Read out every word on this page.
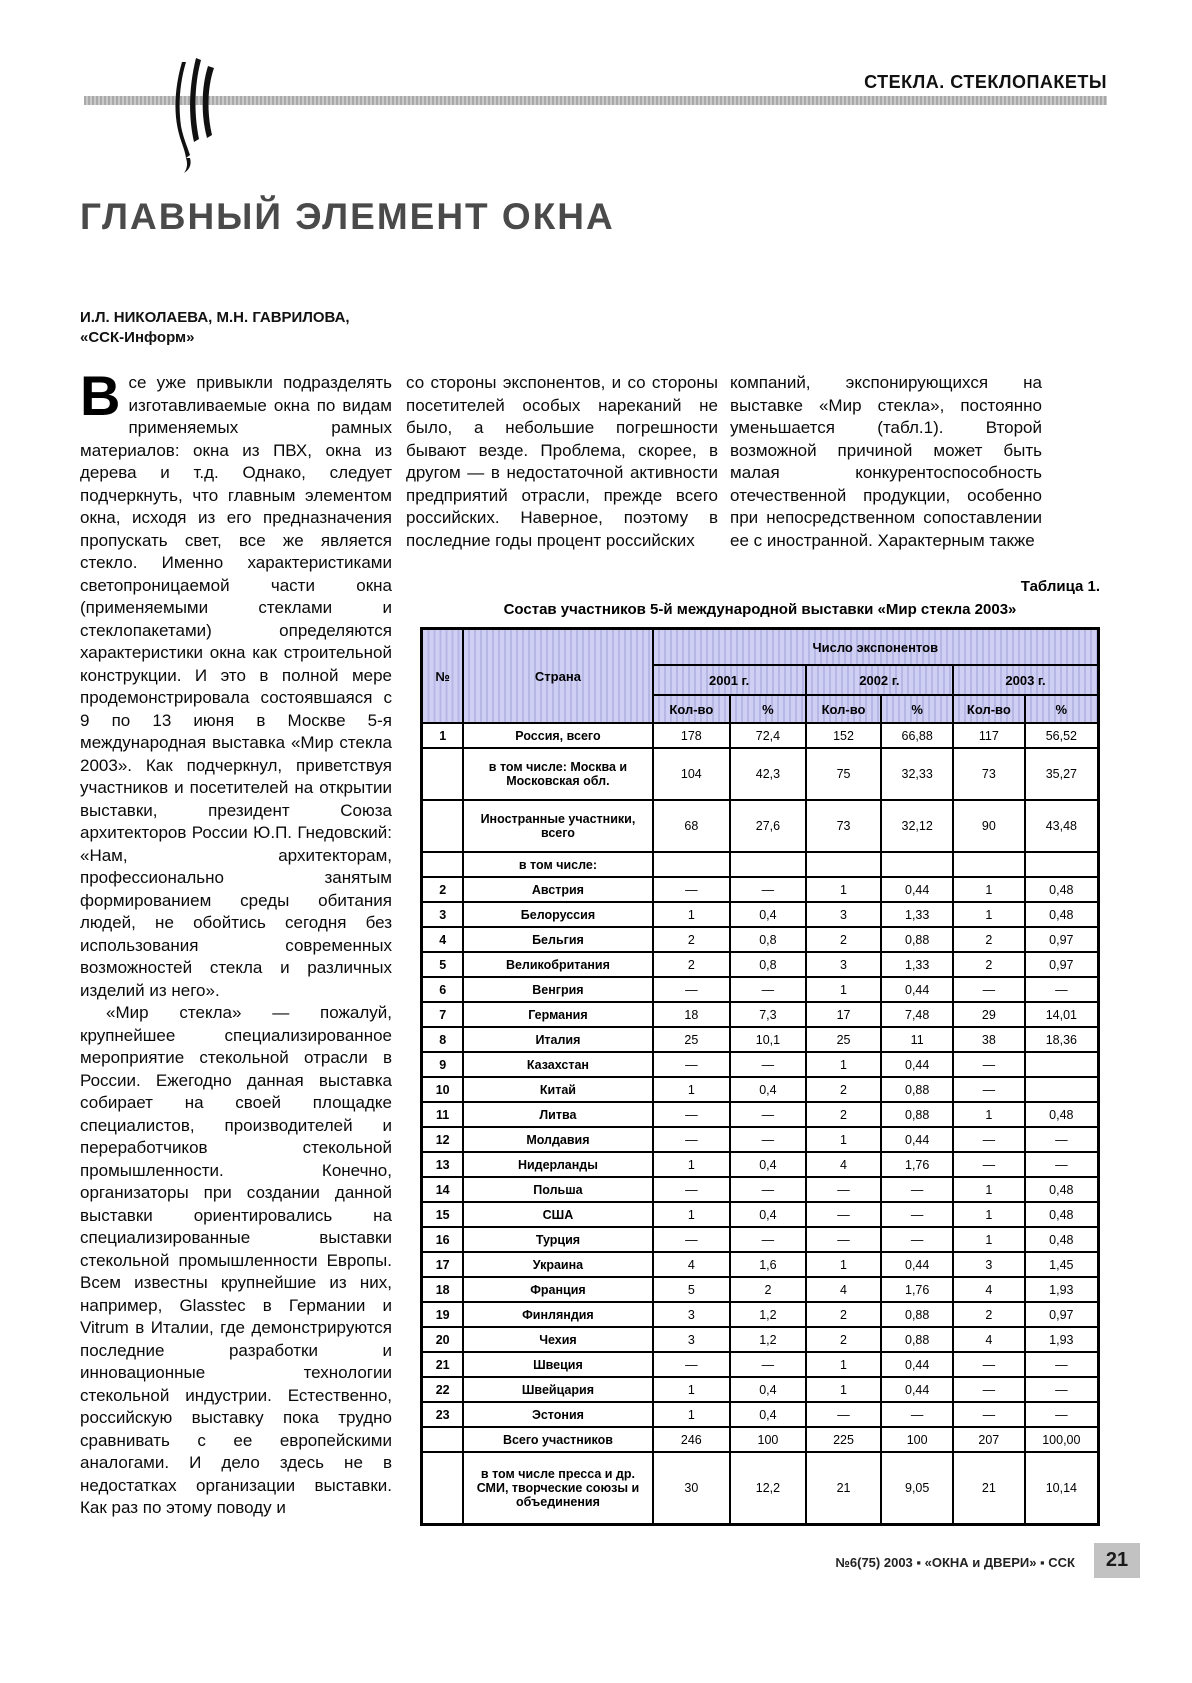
СТЕКЛА. СТЕКЛОПАКЕТЫ
ГЛАВНЫЙ ЭЛЕМЕНТ ОКНА
И.Л. НИКОЛАЕВА, М.Н. ГАВРИЛОВА,
«ССК-Информ»

Все уже привыкли подразделять изготавливаемые окна по видам применяемых рамных материалов: окна из ПВХ, окна из дерева и т.д. Однако, следует подчеркнуть, что главным элементом окна, исходя из его предназначения пропускать свет, все же является стекло. Именно характеристиками светопроницаемой части окна (применяемыми стеклами и стеклопакетами) определяются характеристики окна как строительной конструкции. И это в полной мере продемонстрировала состоявшаяся с 9 по 13 июня в Москве 5-я международная выставка «Мир стекла 2003». Как подчеркнул, приветствуя участников и посетителей на открытии выставки, президент Союза архитекторов России Ю.П. Гнедовский: «Нам, архитекторам, профессионально занятым формированием среды обитания людей, не обойтись сегодня без использования современных возможностей стекла и различных изделий из него».

«Мир стекла» — пожалуй, крупнейшее специализированное мероприятие стекольной отрасли в России. Ежегодно данная выставка собирает на своей площадке специалистов, производителей и переработчиков стекольной промышленности. Конечно, организаторы при создании данной выставки ориентировались на специализированные выставки стекольной промышленности Европы. Всем известны крупнейшие из них, например, Glasstec в Германии и Vitrum в Италии, где демонстрируются последние разработки и инновационные технологии стекольной индустрии. Естественно, российскую выставку пока трудно сравнивать с ее европейскими аналогами. И дело здесь не в недостатках организации выставки. Как раз по этому поводу и

со стороны экспонентов, и со стороны посетителей особых нареканий не было, а небольшие погрешности бывают везде. Проблема, скорее, в другом — в недостаточной активности предприятий отрасли, прежде всего российских. Наверное, поэтому в последние годы процент российских

компаний, экспонирующихся на выставке «Мир стекла», постоянно уменьшается (табл.1). Второй возможной причиной может быть малая конкурентоспособность отечественной продукции, особенно при непосредственном сопоставлении ее с иностранной. Характерным также

Таблица 1.
Состав участников 5-й международной выставки «Мир стекла 2003»
№	Страна	Число экспонентов					
		2001 г.		2002 г.		2003 г.	
		Кол-во	%	Кол-во	%	Кол-во	%
1	Россия, всего	178	72,4	152	66,88	117	56,52
	в том числе: Москва и Московская обл.	104	42,3	75	32,33	73	35,27
	Иностранные участники, всего	68	27,6	73	32,12	90	43,48
	в том числе:						
2	Австрия	—	—	1	0,44	1	0,48
3	Белоруссия	1	0,4	3	1,33	1	0,48
4	Бельгия	2	0,8	2	0,88	2	0,97
5	Великобритания	2	0,8	3	1,33	2	0,97
6	Венгрия	—	—	1	0,44	—	—
7	Германия	18	7,3	17	7,48	29	14,01
8	Италия	25	10,1	25	11	38	18,36
9	Казахстан	—	—	1	0,44	—	
10	Китай	1	0,4	2	0,88	—	
11	Литва	—	—	2	0,88	1	0,48
12	Молдавия	—	—	1	0,44	—	—
13	Нидерланды	1	0,4	4	1,76	—	—
14	Польша	—	—	—	—	1	0,48
15	США	1	0,4	—	—	1	0,48
16	Турция	—	—	—	—	1	0,48
17	Украина	4	1,6	1	0,44	3	1,45
18	Франция	5	2	4	1,76	4	1,93
19	Финляндия	3	1,2	2	0,88	2	0,97
20	Чехия	3	1,2	2	0,88	4	1,93
21	Швеция	—	—	1	0,44	—	—
22	Швейцария	1	0,4	1	0,44	—	—
23	Эстония	1	0,4	—	—	—	—
	Всего участников	246	100	225	100	207	100,00
	в том числе пресса и др. СМИ, творческие союзы и объединения	30	12,2	21	9,05	21	10,14
№6(75) 2003 ▪ «ОКНА и ДВЕРИ» ▪ ССК	21
